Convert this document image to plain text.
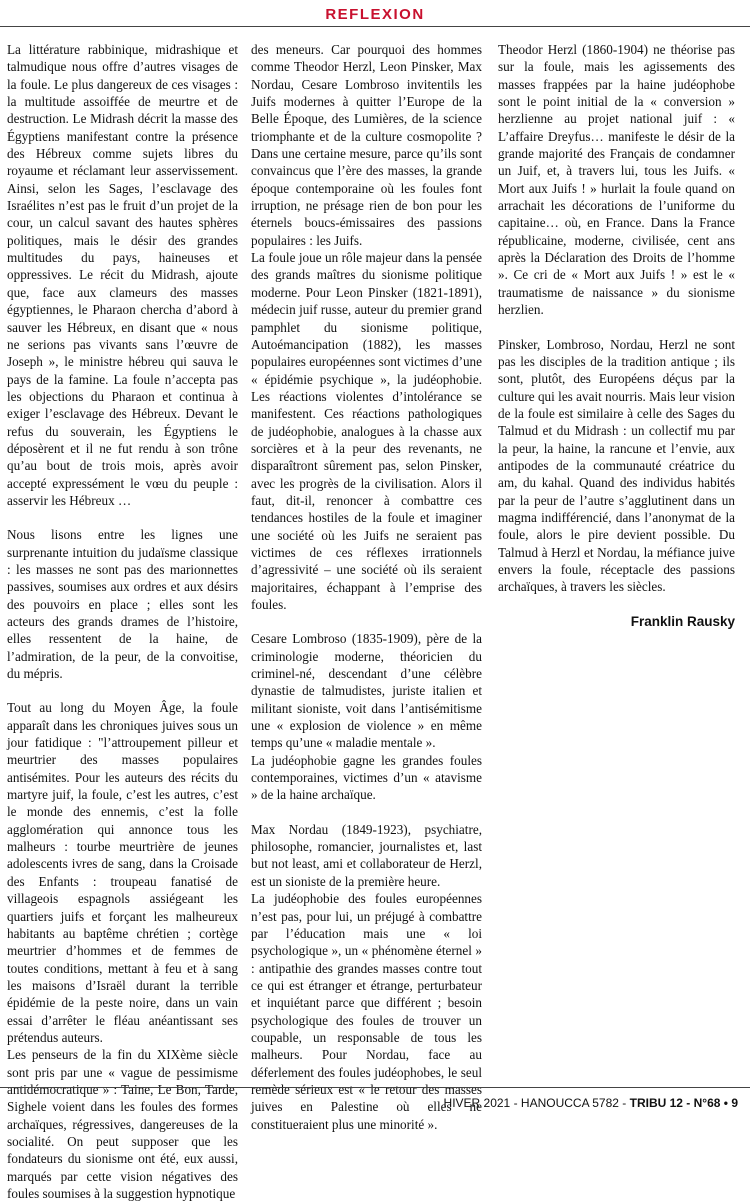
REFLEXION

La littérature rabbinique, midrashique et talmudique nous offre d’autres visages de la foule. Le plus dangereux de ces visages : la multitude assoiffée de meurtre et de destruction. Le Midrash décrit la masse des Égyptiens manifestant contre la présence des Hébreux comme sujets libres du royaume et réclamant leur asservissement. Ainsi, selon les Sages, l’esclavage des Israélites n’est pas le fruit d’un projet de la cour, un calcul savant des hautes sphères politiques, mais le désir des grandes multitudes du pays, haineuses et oppressives. Le récit du Midrash, ajoute que, face aux clameurs des masses égyptiennes, le Pharaon chercha d’abord à sauver les Hébreux, en disant que « nous ne serions pas vivants sans l’œuvre de Joseph », le ministre hébreu qui sauva le pays de la famine. La foule n’accepta pas les objections du Pharaon et continua à exiger l’esclavage des Hébreux. Devant le refus du souverain, les Égyptiens le déposèrent et il ne fut rendu à son trône qu’au bout de trois mois, après avoir accepté expressément le vœu du peuple : asservir les Hébreux …

Nous lisons entre les lignes une surprenante intuition du judaïsme classique : les masses ne sont pas des marionnettes passives, soumises aux ordres et aux désirs des pouvoirs en place ; elles sont les acteurs des grands drames de l’histoire, elles ressentent de la haine, de l’admiration, de la peur, de la convoitise, du mépris.

Tout au long du Moyen Âge, la foule apparaît dans les chroniques juives sous un jour fatidique : "l’attroupement pilleur et meurtrier des masses populaires antisémites. Pour les auteurs des récits du martyre juif, la foule, c’est les autres, c’est le monde des ennemis, c’est la folle agglomération qui annonce tous les malheurs : tourbe meurtrière de jeunes adolescents ivres de sang, dans la Croisade des Enfants : troupeau fanatisé de villageois espagnols assiégeant les quartiers juifs et forçant les malheureux habitants au baptême chrétien ; cortège meurtrier d’hommes et de femmes de toutes conditions, mettant à feu et à sang les maisons d’Israël durant la terrible épidémie de la peste noire, dans un vain essai d’arrêter le fléau anéantissant ses prétendus auteurs.

Les penseurs de la fin du XIXème siècle sont pris par une « vague de pessimisme antidémocratique » : Taine, Le Bon, Tarde, Sighele voient dans les foules des formes archaïques, régressives, dangereuses de la socialité. On peut supposer que les fondateurs du sionisme ont été, eux aussi, marqués par cette vision négatives des foules soumises à la suggestion hypnotique

des meneurs. Car pourquoi des hommes comme Theodor Herzl, Leon Pinsker, Max Nordau, Cesare Lombroso invitentils les Juifs modernes à quitter l’Europe de la Belle Époque, des Lumières, de la science triomphante et de la culture cosmopolite ? Dans une certaine mesure, parce qu’ils sont convaincus que l’ère des masses, la grande époque contemporaine où les foules font irruption, ne présage rien de bon pour les éternels boucs-émissaires des passions populaires : les Juifs.

La foule joue un rôle majeur dans la pensée des grands maîtres du sionisme politique moderne. Pour Leon Pinsker (1821-1891), médecin juif russe, auteur du premier grand pamphlet du sionisme politique, Autoémancipation (1882), les masses populaires européennes sont victimes d’une « épidémie psychique », la judéophobie. Les réactions violentes d’intolérance se manifestent. Ces réactions pathologiques de judéophobie, analogues à la chasse aux sorcières et à la peur des revenants, ne disparaîtront sûrement pas, selon Pinsker, avec les progrès de la civilisation. Alors il faut, dit-il, renoncer à combattre ces tendances hostiles de la foule et imaginer une société où les Juifs ne seraient pas victimes de ces réflexes irrationnels d’agressivité – une société où ils seraient majoritaires, échappant à l’emprise des foules.

Cesare Lombroso (1835-1909), père de la criminologie moderne, théoricien du criminel-né, descendant d’une célèbre dynastie de talmudistes, juriste italien et militant sioniste, voit dans l’antisémitisme une « explosion de violence » en même temps qu’une « maladie mentale ».

La judéophobie gagne les grandes foules contemporaines, victimes d’un « atavisme » de la haine archaïque.

Max Nordau (1849-1923), psychiatre, philosophe, romancier, journalistes et, last but not least, ami et collaborateur de Herzl, est un sioniste de la première heure.

La judéophobie des foules européennes n’est pas, pour lui, un préjugé à combattre par l’éducation mais une « loi psychologique », un « phénomène éternel » : antipathie des grandes masses contre tout ce qui est étranger et étrange, perturbateur et inquiétant parce que différent ; besoin psychologique des foules de trouver un coupable, un responsable de tous les malheurs. Pour Nordau, face au déferlement des foules judéophobes, le seul remède sérieux est « le retour des masses juives en Palestine où elles ne constitueraient plus une minorité ».

Theodor Herzl (1860-1904) ne théorise pas sur la foule, mais les agissements des masses frappées par la haine judéophobe sont le point initial de la « conversion » herzlienne au projet national juif : « L’affaire Dreyfus… manifeste le désir de la grande majorité des Français de condamner un Juif, et, à travers lui, tous les Juifs. « Mort aux Juifs ! » hurlait la foule quand on arrachait les décorations de l’uniforme du capitaine… où, en France. Dans la France républicaine, moderne, civilisée, cent ans après la Déclaration des Droits de l’homme ». Ce cri de « Mort aux Juifs ! » est le « traumatisme de naissance » du sionisme herzlien.

Pinsker, Lombroso, Nordau, Herzl ne sont pas les disciples de la tradition antique ; ils sont, plutôt, des Européens déçus par la culture qui les avait nourris. Mais leur vision de la foule est similaire à celle des Sages du Talmud et du Midrash : un collectif mu par la peur, la haine, la rancune et l’envie, aux antipodes de la communauté créatrice du am, du kahal. Quand des individus habités par la peur de l’autre s’agglutinent dans un magma indifférencié, dans l’anonymat de la foule, alors le pire devient possible. Du Talmud à Herzl et Nordau, la méfiance juive envers la foule, réceptacle des passions archaïques, à travers les siècles.

Franklin Rausky
HIVER 2021 - HANOUCCA 5782 - TRIBU 12 - N°68 • 9
